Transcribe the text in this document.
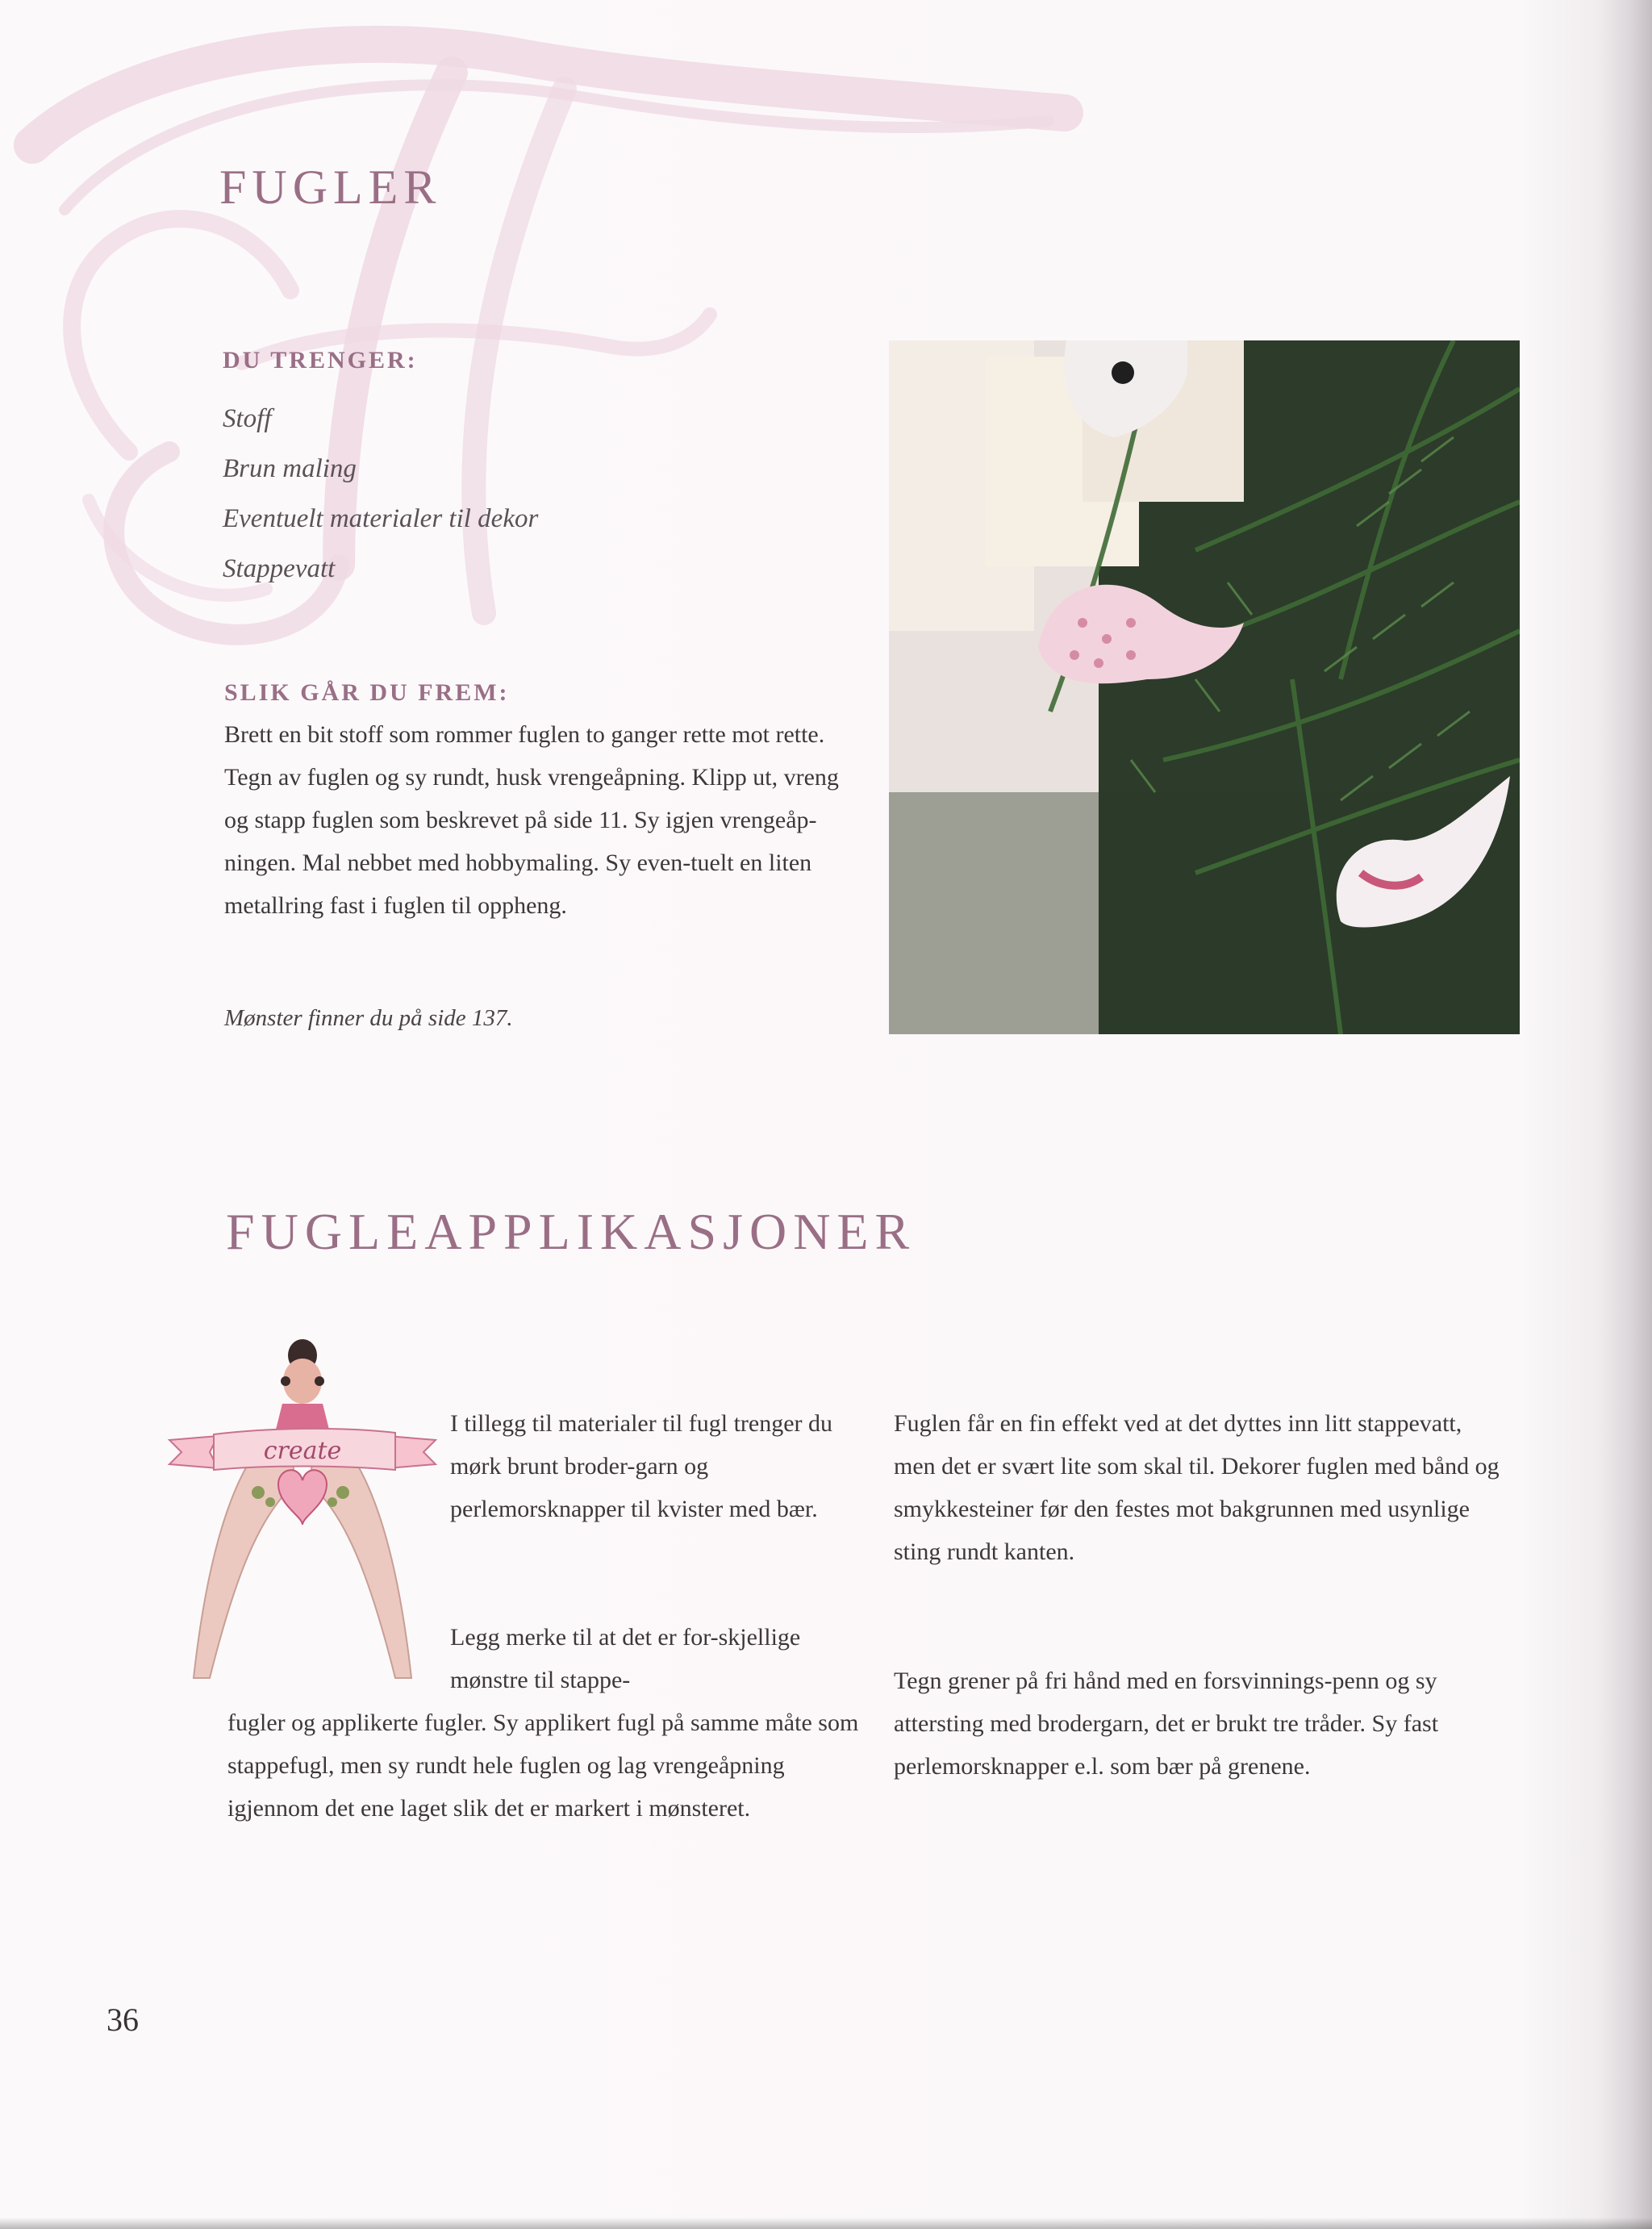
FUGLER
DU TRENGER:
Stoff
Brun maling
Eventuelt materialer til dekor
Stappevatt
SLIK GÅR DU FREM:

Brett en bit stoff som rommer fuglen to ganger rette mot rette. Tegn av fuglen og sy rundt, husk vrengeåpning. Klipp ut, vreng og stapp fuglen som beskrevet på side 11. Sy igjen vrengeåp-ningen. Mal nebbet med hobbymaling. Sy even-tuelt en liten metallring fast i fuglen til oppheng.

Mønster finner du på side 137.

FUGLEAPPLIKASJONER
create

I tillegg til materialer til fugl trenger du mørk brunt broder-garn og perlemorsknapper til kvister med bær.

Legg merke til at det er for-skjellige mønstre til stappe-

fugler og applikerte fugler. Sy applikert fugl på samme måte som stappefugl, men sy rundt hele fuglen og lag vrengeåpning igjennom det ene laget slik det er markert i mønsteret.

Fuglen får en fin effekt ved at det dyttes inn litt stappevatt, men det er svært lite som skal til. Dekorer fuglen med bånd og smykkesteiner før den festes mot bakgrunnen med usynlige sting rundt kanten.

Tegn grener på fri hånd med en forsvinnings-penn og sy attersting med brodergarn, det er brukt tre tråder. Sy fast perlemorsknapper e.l. som bær på grenene.

36
